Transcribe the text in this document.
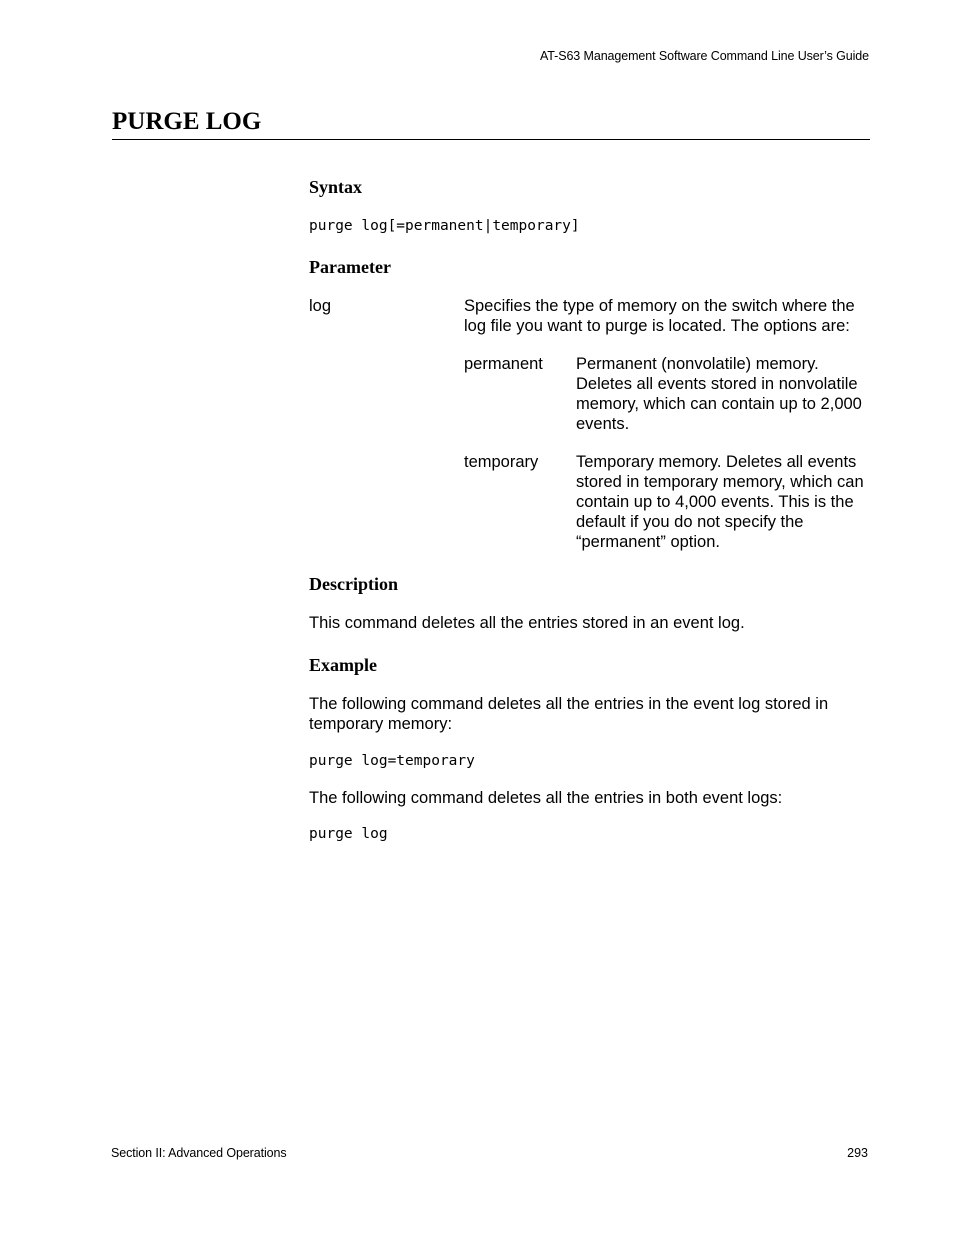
AT-S63 Management Software Command Line User’s Guide
PURGE LOG
Syntax

purge log[=permanent|temporary]

Parameter
log	Specifies the type of memory on the switch where the log file you want to purge is located. The options are:
permanent	Permanent (nonvolatile) memory. Deletes all events stored in nonvolatile memory, which can contain up to 2,000 events.
temporary	Temporary memory. Deletes all events stored in temporary memory, which can contain up to 4,000 events. This is the default if you do not specify the “permanent” option.
Description

This command deletes all the entries stored in an event log.

Example

The following command deletes all the entries in the event log stored in temporary memory:

purge log=temporary

The following command deletes all the entries in both event logs:

purge log

Section II: Advanced Operations	293
